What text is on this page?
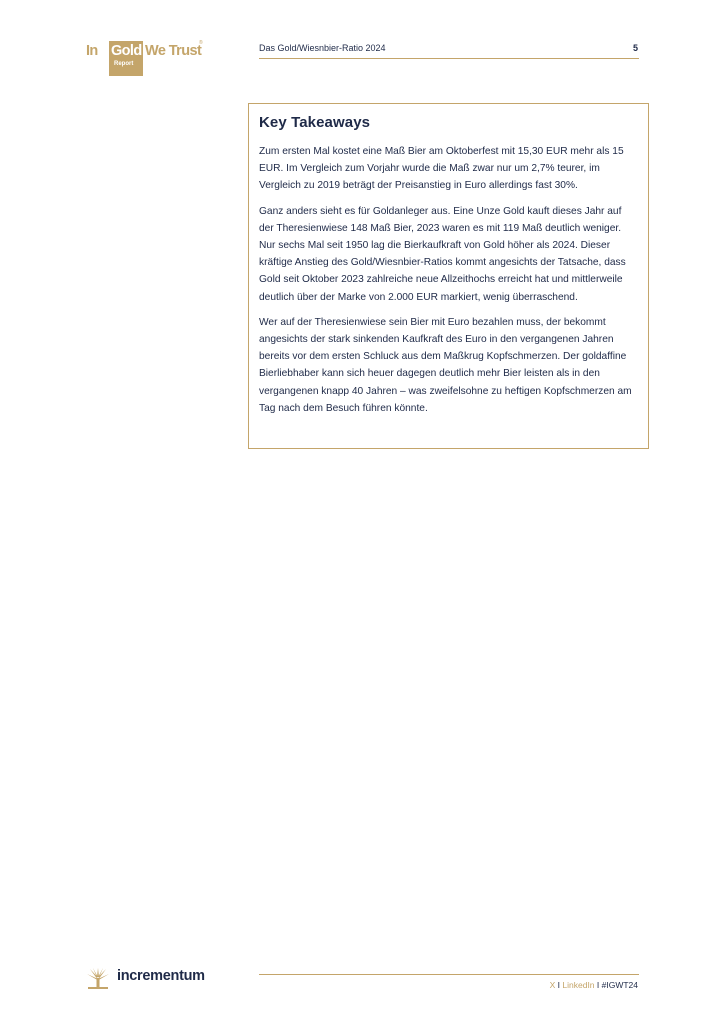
In Gold We Trust
Report
®	Das Gold/Wiesnbier-Ratio 2024	5
Key Takeaways

Zum ersten Mal kostet eine Maß Bier am Oktoberfest mit 15,30 EUR mehr als 15 EUR. Im Vergleich zum Vorjahr wurde die Maß zwar nur um 2,7% teurer, im Vergleich zu 2019 beträgt der Preisanstieg in Euro allerdings fast 30%.

Ganz anders sieht es für Goldanleger aus. Eine Unze Gold kauft dieses Jahr auf der Theresienwiese 148 Maß Bier, 2023 waren es mit 119 Maß deutlich weniger. Nur sechs Mal seit 1950 lag die Bierkaufkraft von Gold höher als 2024. Dieser kräftige Anstieg des Gold/Wiesnbier-Ratios kommt angesichts der Tatsache, dass Gold seit Oktober 2023 zahlreiche neue Allzeithochs erreicht hat und mittlerweile deutlich über der Marke von 2.000 EUR markiert, wenig überraschend.

Wer auf der Theresienwiese sein Bier mit Euro bezahlen muss, der bekommt angesichts der stark sinkenden Kaufkraft des Euro in den vergangenen Jahren bereits vor dem ersten Schluck aus dem Maßkrug Kopfschmerzen. Der goldaffine Bierliebhaber kann sich heuer dagegen deutlich mehr Bier leisten als in den vergangenen knapp 40 Jahren – was zweifelsohne zu heftigen Kopfschmerzen am Tag nach dem Besuch führen könnte.

incrementum
X I LinkedIn I #IGWT24
